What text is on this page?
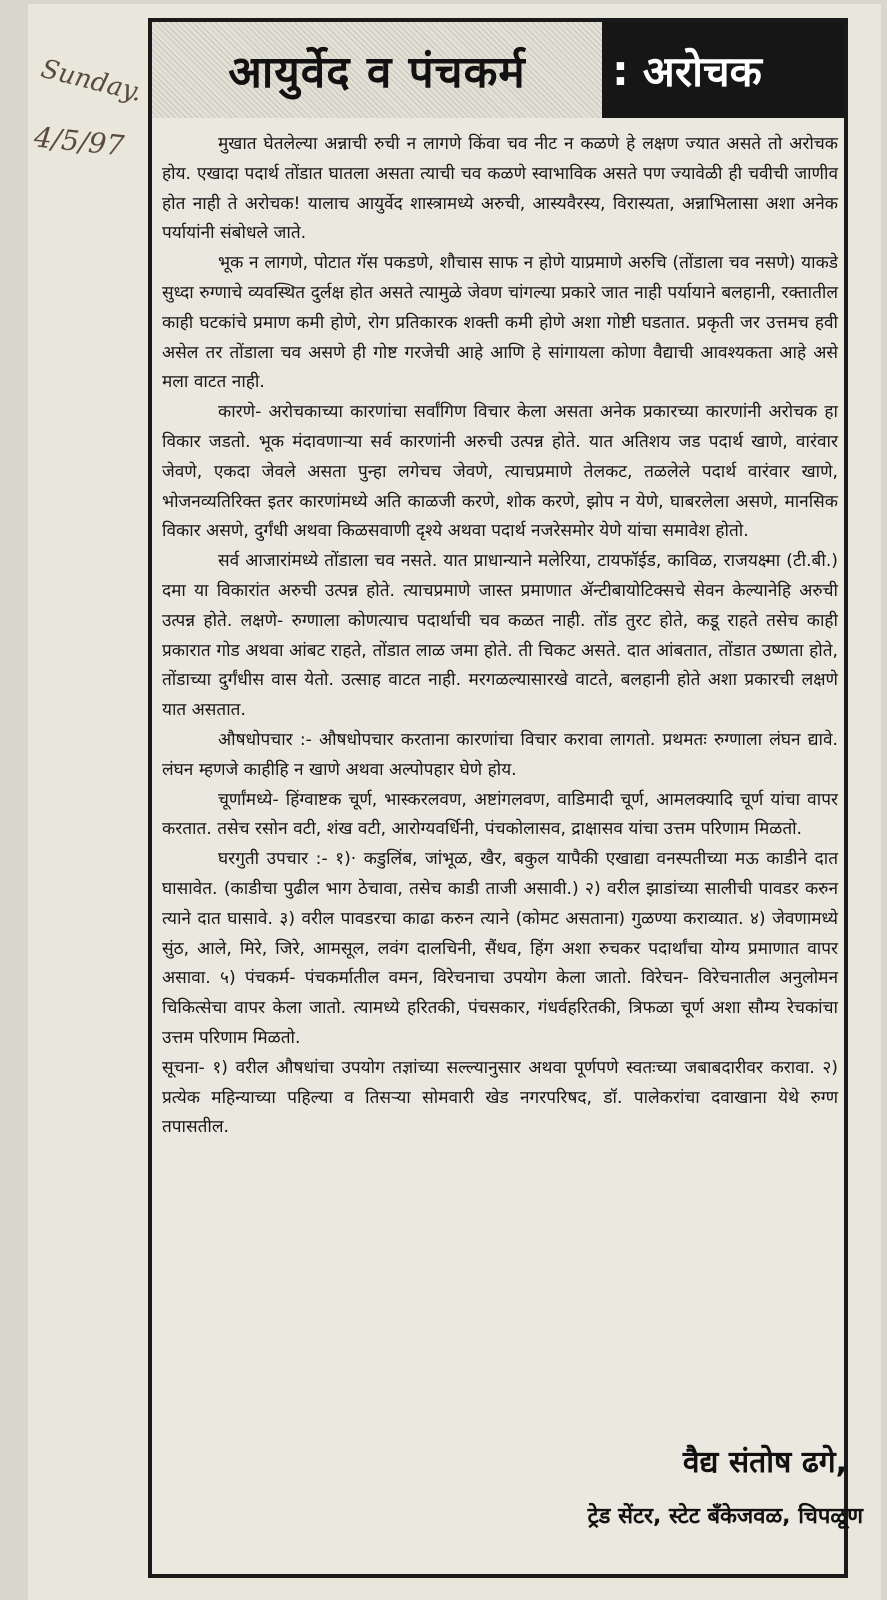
Sunday.
4/5/97
आयुर्वेद व पंचकर्म	: अरोचक

मुखात घेतलेल्या अन्नाची रुची न लागणे किंवा चव नीट न कळणे हे लक्षण ज्यात असते तो अरोचक होय. एखादा पदार्थ तोंडात घातला असता त्याची चव कळणे स्वाभाविक असते पण ज्यावेळी ही चवीची जाणीव होत नाही ते अरोचक! यालाच आयुर्वेद शास्त्रामध्ये अरुची, आस्यवैरस्य, विरास्यता, अन्नाभिलासा अशा अनेक पर्यायांनी संबोधले जाते.

भूक न लागणे, पोटात गॅस पकडणे, शौचास साफ न होणे याप्रमाणे अरुचि (तोंडाला चव नसणे) याकडे सुध्दा रुग्णाचे व्यवस्थित दुर्लक्ष होत असते त्यामुळे जेवण चांगल्या प्रकारे जात नाही पर्यायाने बलहानी, रक्तातील काही घटकांचे प्रमाण कमी होणे, रोग प्रतिकारक शक्ती कमी होणे अशा गोष्टी घडतात. प्रकृती जर उत्तमच हवी असेल तर तोंडाला चव असणे ही गोष्ट गरजेची आहे आणि हे सांगायला कोणा वैद्याची आवश्यकता आहे असे मला वाटत नाही.

कारणे- अरोचकाच्या कारणांचा सर्वांगिण विचार केला असता अनेक प्रकारच्या कारणांनी अरोचक हा विकार जडतो. भूक मंदावणाऱ्या सर्व कारणांनी अरुची उत्पन्न होते. यात अतिशय जड पदार्थ खाणे, वारंवार जेवणे, एकदा जेवले असता पुन्हा लगेचच जेवणे, त्याचप्रमाणे तेलकट, तळलेले पदार्थ वारंवार खाणे, भोजनव्यतिरिक्त इतर कारणांमध्ये अति काळजी करणे, शोक करणे, झोप न येणे, घाबरलेला असणे, मानसिक विकार असणे, दुर्गंधी अथवा किळसवाणी दृश्ये अथवा पदार्थ नजरेसमोर येणे यांचा समावेश होतो.

सर्व आजारांमध्ये तोंडाला चव नसते. यात प्राधान्याने मलेरिया, टायफॉईड, काविळ, राजयक्ष्मा (टी.बी.) दमा या विकारांत अरुची उत्पन्न होते. त्याचप्रमाणे जास्त प्रमाणात ॲन्टीबायोटिक्सचे सेवन केल्यानेहि अरुची उत्पन्न होते. लक्षणे- रुग्णाला कोणत्याच पदार्थाची चव कळत नाही. तोंड तुरट होते, कडू राहते तसेच काही प्रकारात गोड अथवा आंबट राहते, तोंडात लाळ जमा होते. ती चिकट असते. दात आंबतात, तोंडात उष्णता होते, तोंडाच्या दुर्गंधीस वास येतो. उत्साह वाटत नाही. मरगळल्यासारखे वाटते, बलहानी होते अशा प्रकारची लक्षणे यात असतात.

औषधोपचार :- औषधोपचार करताना कारणांचा विचार करावा लागतो. प्रथमतः रुग्णाला लंघन द्यावे. लंघन म्हणजे काहीहि न खाणे अथवा अल्पोपहार घेणे होय.

चूर्णांमध्ये- हिंग्वाष्टक चूर्ण, भास्करलवण, अष्टांगलवण, वाडिमादी चूर्ण, आमलक्यादि चूर्ण यांचा वापर करतात. तसेच रसोन वटी, शंख वटी, आरोग्यवर्धिनी, पंचकोलासव, द्राक्षासव यांचा उत्तम परिणाम मिळतो.

घरगुती उपचार :- १)· कडुलिंब, जांभूळ, खैर, बकुल यापैकी एखाद्या वनस्पतीच्या मऊ काडीने दात घासावेत. (काडीचा पुढील भाग ठेचावा, तसेच काडी ताजी असावी.) २) वरील झाडांच्या सालीची पावडर करुन त्याने दात घासावे. ३) वरील पावडरचा काढा करुन त्याने (कोमट असताना) गुळण्या कराव्यात. ४) जेवणामध्ये सुंठ, आले, मिरे, जिरे, आमसूल, लवंग दालचिनी, सैंधव, हिंग अशा रुचकर पदार्थांचा योग्य प्रमाणात वापर असावा. ५) पंचकर्म- पंचकर्मातील वमन, विरेचनाचा उपयोग केला जातो. विरेचन- विरेचनातील अनुलोमन चिकित्सेचा वापर केला जातो. त्यामध्ये हरितकी, पंचसकार, गंधर्वहरितकी, त्रिफळा चूर्ण अशा सौम्य रेचकांचा उत्तम परिणाम मिळतो.

सूचना- १) वरील औषधांचा उपयोग तज्ञांच्या सल्ल्यानुसार अथवा पूर्णपणे स्वतःच्या जबाबदारीवर करावा. २) प्रत्येक महिन्याच्या पहिल्या व तिसऱ्या सोमवारी खेड नगरपरिषद, डॉ. पालेकरांचा दवाखाना येथे रुग्ण तपासतील.

वैद्य संतोष ढगे,
ट्रेड सेंटर, स्टेट बँकेजवळ, चिपळूण
